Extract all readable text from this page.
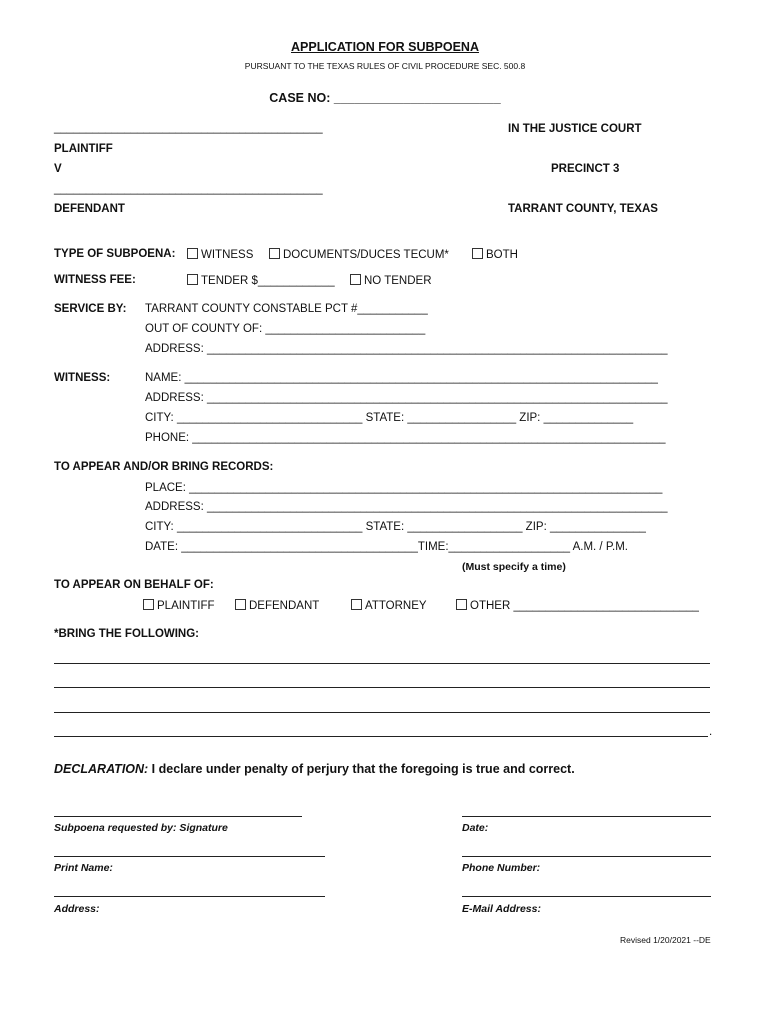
APPLICATION FOR SUBPOENA
PURSUANT TO THE TEXAS RULES OF CIVIL PROCEDURE SEC. 500.8
CASE NO: ________________________
__________________________________________
PLAINTIFF
V
__________________________________________
DEFENDANT
IN THE JUSTICE COURT
PRECINCT 3
TARRANT COUNTY, TEXAS
TYPE OF SUBPOENA:	WITNESS	DOCUMENTS/DUCES TECUM*	BOTH
WITNESS FEE:	TENDER $____________	NO TENDER
SERVICE BY: TARRANT COUNTY CONSTABLE PCT #___________
OUT OF COUNTY OF: _________________________
ADDRESS: ________________________________________________________________________
WITNESS:	NAME: __________________________________________________________________________
ADDRESS: ________________________________________________________________________
CITY: _____________________________ STATE: _________________ ZIP: ______________
PHONE: __________________________________________________________________________
TO APPEAR AND/OR BRING RECORDS:
PLACE: __________________________________________________________________________
ADDRESS: ________________________________________________________________________
CITY: _____________________________ STATE: __________________ ZIP: _______________
DATE: _____________________________________TIME:___________________ A.M. / P.M.
(Must specify a time)
TO APPEAR ON BEHALF OF:
PLAINTIFF	DEFENDANT	ATTORNEY	OTHER _____________________________
*BRING THE FOLLOWING:
.
DECLARATION: I declare under penalty of perjury that the foregoing is true and correct.
Subpoena requested by: Signature	Date:
Print Name:	Phone Number:
Address:	E-Mail Address:
Revised 1/20/2021 --DE
